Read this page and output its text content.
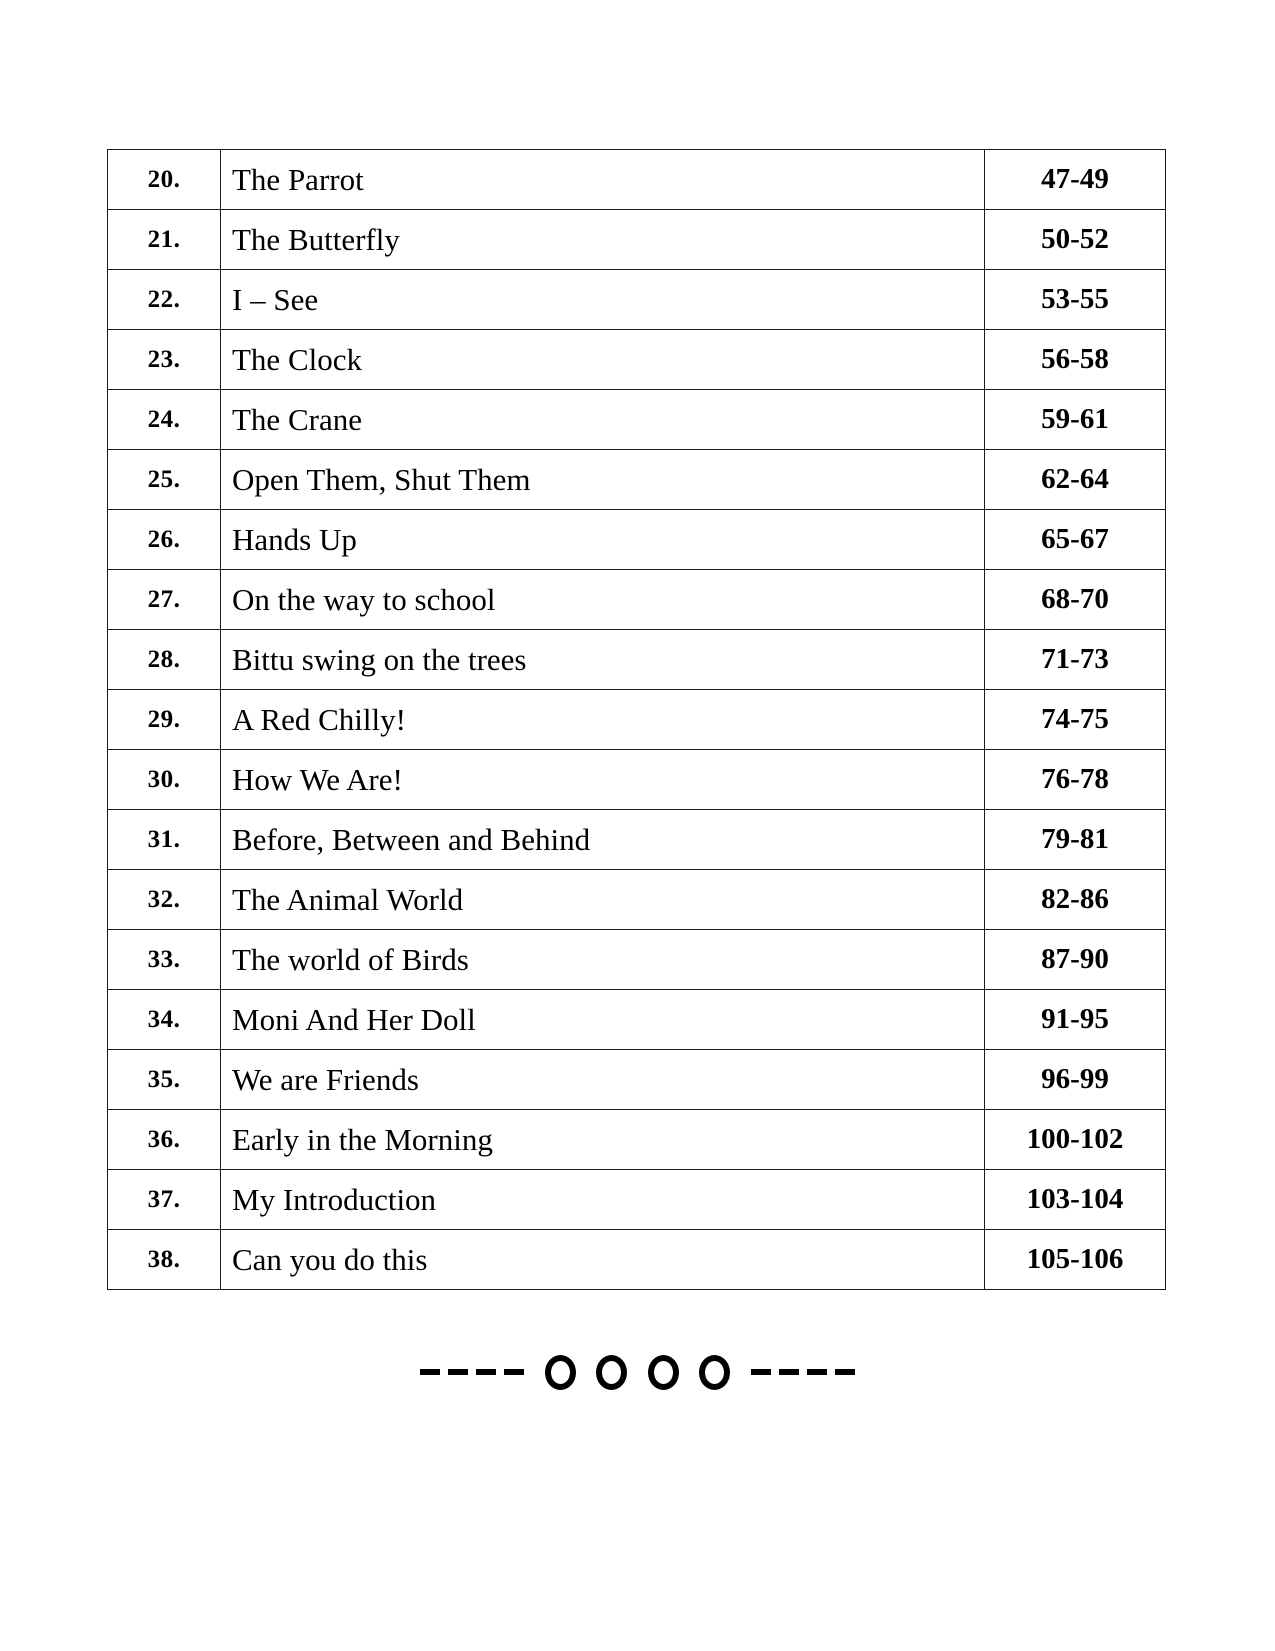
20.	The Parrot	47-49
21.	The Butterfly	50-52
22.	I – See	53-55
23.	The Clock	56-58
24.	The Crane	59-61
25.	Open Them, Shut Them	62-64
26.	Hands Up	65-67
27.	On the way to school	68-70
28.	Bittu swing on the trees	71-73
29.	A Red Chilly!	74-75
30.	How We Are!	76-78
31.	Before, Between and Behind	79-81
32.	The Animal World	82-86
33.	The world of Birds	87-90
34.	Moni And Her Doll	91-95
35.	We are Friends	96-99
36.	Early in the Morning	100-102
37.	My Introduction	103-104
38.	Can you do this	105-106
